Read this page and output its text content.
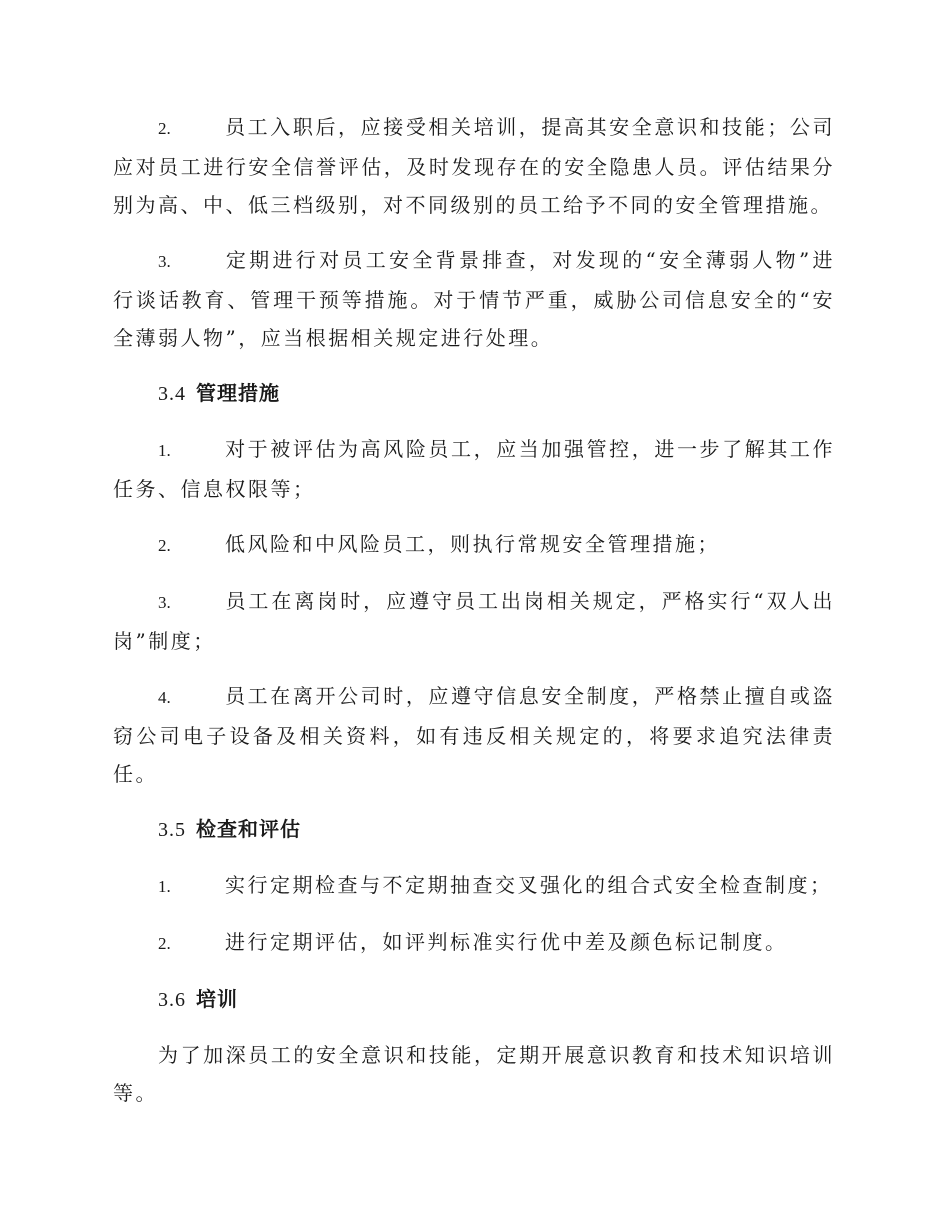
2.	员工入职后，应接受相关培训，提高其安全意识和技能；公司应对员工进行安全信誉评估，及时发现存在的安全隐患人员。评估结果分别为高、中、低三档级别，对不同级别的员工给予不同的安全管理措施。

3.	定期进行对员工安全背景排查，对发现的“安全薄弱人物”进行谈话教育、管理干预等措施。对于情节严重，威胁公司信息安全的“安全薄弱人物”，应当根据相关规定进行处理。

3.4 管理措施

1.	对于被评估为高风险员工，应当加强管控，进一步了解其工作任务、信息权限等；

2.	低风险和中风险员工，则执行常规安全管理措施；

3.	员工在离岗时，应遵守员工出岗相关规定，严格实行“双人出岗”制度；

4.	员工在离开公司时，应遵守信息安全制度，严格禁止擅自或盗窃公司电子设备及相关资料，如有违反相关规定的，将要求追究法律责任。

3.5 检查和评估

1.	实行定期检查与不定期抽查交叉强化的组合式安全检查制度；

2.	进行定期评估，如评判标准实行优中差及颜色标记制度。

3.6 培训

为了加深员工的安全意识和技能，定期开展意识教育和技术知识培训等。
